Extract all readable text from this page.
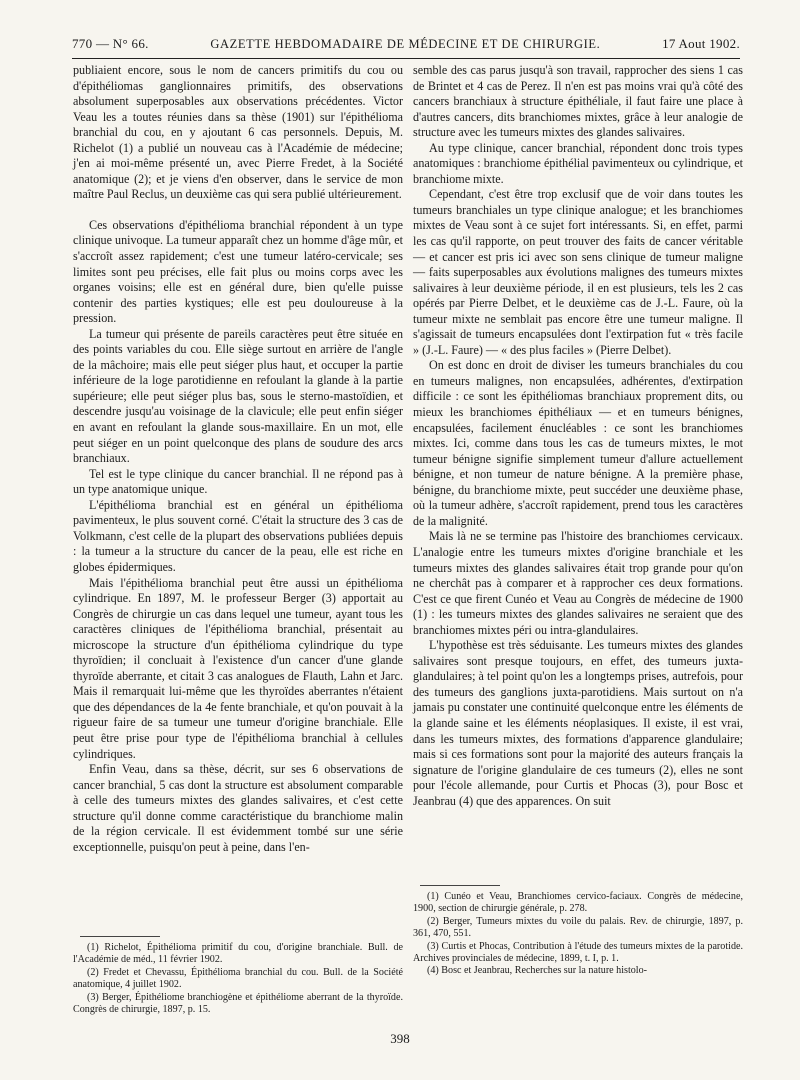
770 — N° 66.	GAZETTE HEBDOMADAIRE DE MÉDECINE ET DE CHIRURGIE.	17 Aout 1902.

publiaient encore, sous le nom de cancers primitifs du cou ou d'épithéliomas ganglionnaires primitifs, des observations absolument superposables aux observations précédentes. Victor Veau les a toutes réunies dans sa thèse (1901) sur l'épithélioma branchial du cou, en y ajoutant 6 cas personnels. Depuis, M. Richelot (1) a publié un nouveau cas à l'Académie de médecine; j'en ai moi-même présenté un, avec Pierre Fredet, à la Société anatomique (2); et je viens d'en observer, dans le service de mon maître Paul Reclus, un deuxième cas qui sera publié ultérieurement.

Ces observations d'épithélioma branchial répondent à un type clinique univoque. La tumeur apparaît chez un homme d'âge mûr, et s'accroît assez rapidement; c'est une tumeur latéro-cervicale; ses limites sont peu précises, elle fait plus ou moins corps avec les organes voisins; elle est en général dure, bien qu'elle puisse contenir des parties kystiques; elle est peu douloureuse à la pression.

La tumeur qui présente de pareils caractères peut être située en des points variables du cou. Elle siège surtout en arrière de l'angle de la mâchoire; mais elle peut siéger plus haut, et occuper la partie inférieure de la loge parotidienne en refoulant la glande à la partie supérieure; elle peut siéger plus bas, sous le sterno-mastoïdien, et descendre jusqu'au voisinage de la clavicule; elle peut enfin siéger en avant en refoulant la glande sous-maxillaire. En un mot, elle peut siéger en un point quelconque des plans de soudure des arcs branchiaux.

Tel est le type clinique du cancer branchial. Il ne répond pas à un type anatomique unique.

L'épithélioma branchial est en général un épithélioma pavimenteux, le plus souvent corné. C'était la structure des 3 cas de Volkmann, c'est celle de la plupart des observations publiées depuis : la tumeur a la structure du cancer de la peau, elle est riche en globes épidermiques.

Mais l'épithélioma branchial peut être aussi un épithélioma cylindrique. En 1897, M. le professeur Berger (3) apportait au Congrès de chirurgie un cas dans lequel une tumeur, ayant tous les caractères cliniques de l'épithélioma branchial, présentait au microscope la structure d'un épithélioma cylindrique du type thyroïdien; il concluait à l'existence d'un cancer d'une glande thyroïde aberrante, et citait 3 cas analogues de Flauth, Lahn et Jarc. Mais il remarquait lui-même que les thyroïdes aberrantes n'étaient que des dépendances de la 4e fente branchiale, et qu'on pouvait à la rigueur faire de sa tumeur une tumeur d'origine branchiale. Elle peut être prise pour type de l'épithélioma branchial à cellules cylindriques.

Enfin Veau, dans sa thèse, décrit, sur ses 6 observations de cancer branchial, 5 cas dont la structure est absolument comparable à celle des tumeurs mixtes des glandes salivaires, et c'est cette structure qu'il donne comme caractéristique du branchiome malin de la région cervicale. Il est évidemment tombé sur une série exceptionnelle, puisqu'on peut à peine, dans l'en-

semble des cas parus jusqu'à son travail, rapprocher des siens 1 cas de Brintet et 4 cas de Perez. Il n'en est pas moins vrai qu'à côté des cancers branchiaux à structure épithéliale, il faut faire une place à d'autres cancers, dits branchiomes mixtes, grâce à leur analogie de structure avec les tumeurs mixtes des glandes salivaires.

Au type clinique, cancer branchial, répondent donc trois types anatomiques : branchiome épithélial pavimenteux ou cylindrique, et branchiome mixte.

Cependant, c'est être trop exclusif que de voir dans toutes les tumeurs branchiales un type clinique analogue; et les branchiomes mixtes de Veau sont à ce sujet fort intéressants. Si, en effet, parmi les cas qu'il rapporte, on peut trouver des faits de cancer véritable — et cancer est pris ici avec son sens clinique de tumeur maligne — faits superposables aux évolutions malignes des tumeurs mixtes salivaires à leur deuxième période, il en est plusieurs, tels les 2 cas opérés par Pierre Delbet, et le deuxième cas de J.-L. Faure, où la tumeur mixte ne semblait pas encore être une tumeur maligne. Il s'agissait de tumeurs encapsulées dont l'extirpation fut « très facile » (J.-L. Faure) — « des plus faciles » (Pierre Delbet).

On est donc en droit de diviser les tumeurs branchiales du cou en tumeurs malignes, non encapsulées, adhérentes, d'extirpation difficile : ce sont les épithéliomas branchiaux proprement dits, ou mieux les branchiomes épithéliaux — et en tumeurs bénignes, encapsulées, facilement énucléables : ce sont les branchiomes mixtes. Ici, comme dans tous les cas de tumeurs mixtes, le mot tumeur bénigne signifie simplement tumeur d'allure actuellement bénigne, et non tumeur de nature bénigne. A la première phase, bénigne, du branchiome mixte, peut succéder une deuxième phase, où la tumeur adhère, s'accroît rapidement, prend tous les caractères de la malignité.

Mais là ne se termine pas l'histoire des branchiomes cervicaux. L'analogie entre les tumeurs mixtes d'origine branchiale et les tumeurs mixtes des glandes salivaires était trop grande pour qu'on ne cherchât pas à comparer et à rapprocher ces deux formations. C'est ce que firent Cunéo et Veau au Congrès de médecine de 1900 (1) : les tumeurs mixtes des glandes salivaires ne seraient que des branchiomes mixtes péri ou intra-glandulaires.

L'hypothèse est très séduisante. Les tumeurs mixtes des glandes salivaires sont presque toujours, en effet, des tumeurs juxta-glandulaires; à tel point qu'on les a longtemps prises, autrefois, pour des tumeurs des ganglions juxta-parotidiens. Mais surtout on n'a jamais pu constater une continuité quelconque entre les éléments de la glande saine et les éléments néoplasiques. Il existe, il est vrai, dans les tumeurs mixtes, des formations d'apparence glandulaire; mais si ces formations sont pour la majorité des auteurs français la signature de l'origine glandulaire de ces tumeurs (2), elles ne sont pour l'école allemande, pour Curtis et Phocas (3), pour Bosc et Jeanbrau (4) que des apparences. On suit

(1) Richelot, Épithélioma primitif du cou, d'origine branchiale. Bull. de l'Académie de méd., 11 février 1902.

(2) Fredet et Chevassu, Épithélioma branchial du cou. Bull. de la Société anatomique, 4 juillet 1902.

(3) Berger, Épithéliome branchiogène et épithéliome aberrant de la thyroïde. Congrès de chirurgie, 1897, p. 15.

(1) Cunéo et Veau, Branchiomes cervico-faciaux. Congrès de médecine, 1900, section de chirurgie générale, p. 278.

(2) Berger, Tumeurs mixtes du voile du palais. Rev. de chirurgie, 1897, p. 361, 470, 551.

(3) Curtis et Phocas, Contribution à l'étude des tumeurs mixtes de la parotide. Archives provinciales de médecine, 1899, t. I, p. 1.

(4) Bosc et Jeanbrau, Recherches sur la nature histolo-

398
